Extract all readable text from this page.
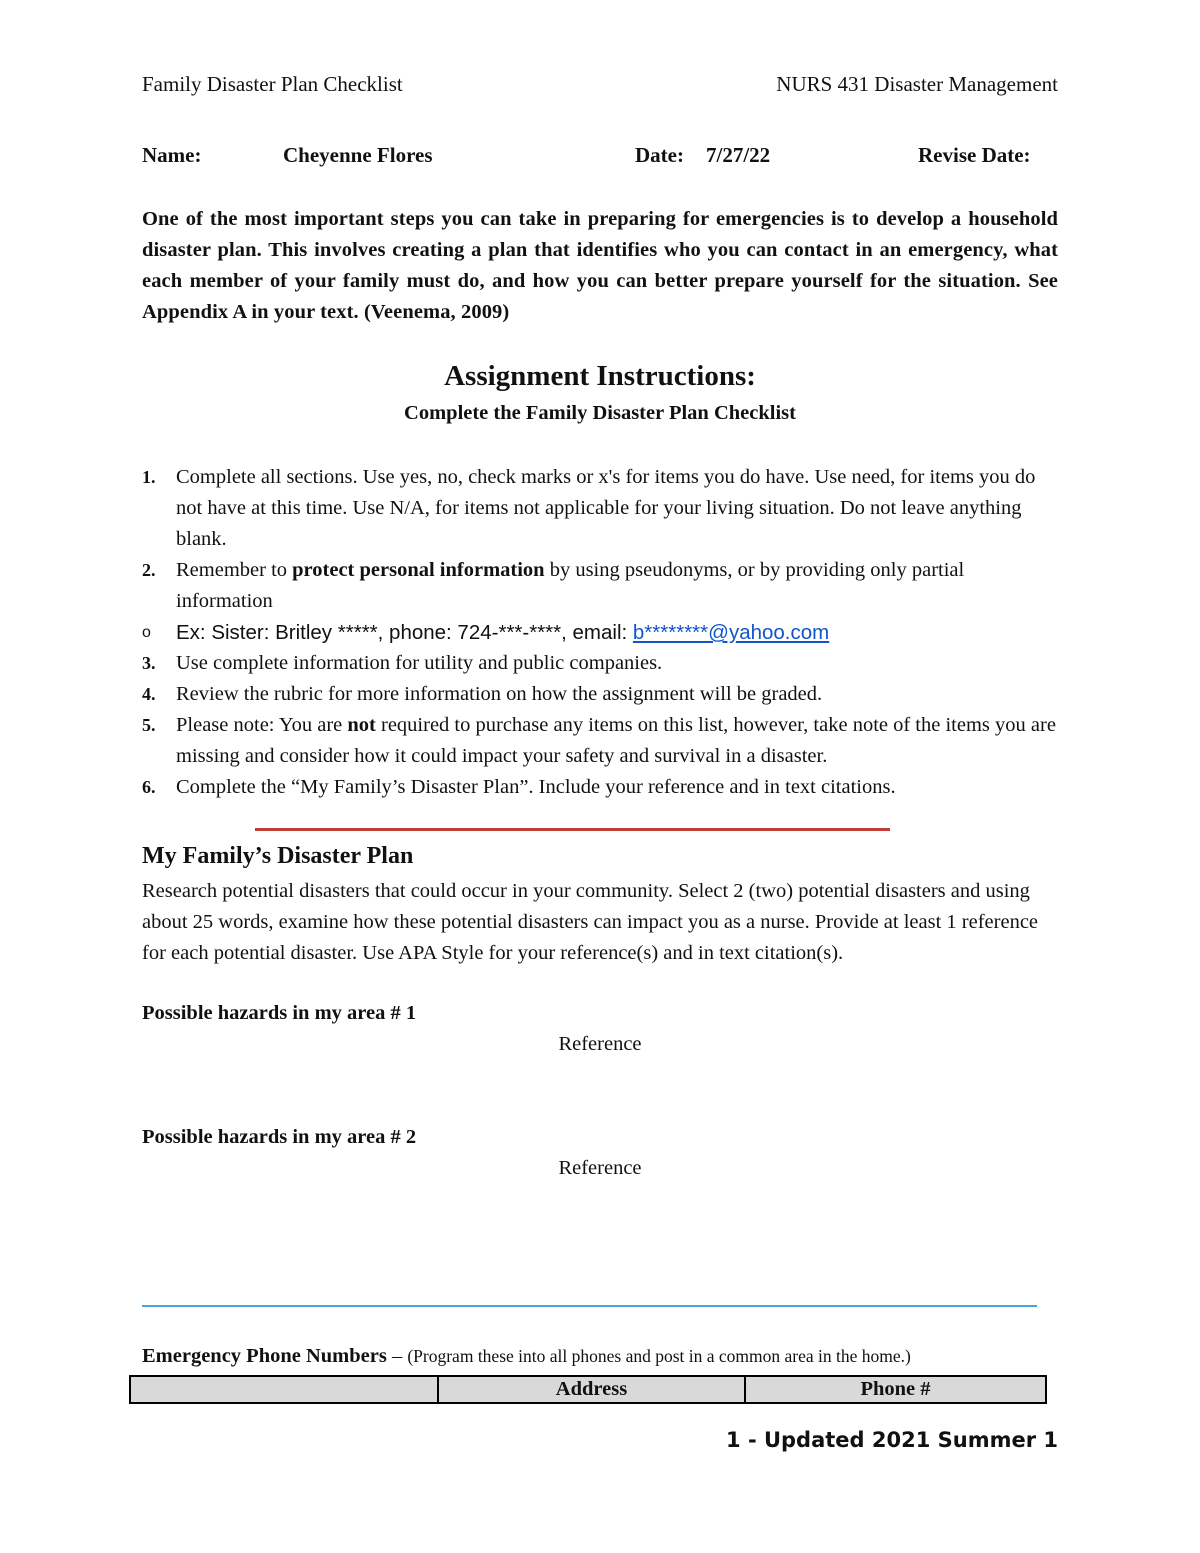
Family Disaster Plan Checklist	NURS 431 Disaster Management
Name:	Cheyenne Flores	Date: 7/27/22	Revise Date:
One of the most important steps you can take in preparing for emergencies is to develop a household disaster plan. This involves creating a plan that identifies who you can contact in an emergency, what each member of your family must do, and how you can better prepare yourself for the situation. See Appendix A in your text. (Veenema, 2009)
Assignment Instructions:
Complete the Family Disaster Plan Checklist
1.	Complete all sections. Use yes, no, check marks or x's for items you do have. Use need, for items you do not have at this time. Use N/A, for items not applicable for your living situation. Do not leave anything blank.
2.	Remember to protect personal information by using pseudonyms, or by providing only partial information
o	Ex: Sister: Britley *****, phone: 724-***-****, email: b********@yahoo.com
3.	Use complete information for utility and public companies.
4.	Review the rubric for more information on how the assignment will be graded.
5.	Please note: You are not required to purchase any items on this list, however, take note of the items you are missing and consider how it could impact your safety and survival in a disaster.
6.	Complete the “My Family’s Disaster Plan”. Include your reference and in text citations.
My Family’s Disaster Plan
Research potential disasters that could occur in your community. Select 2 (two) potential disasters and using about 25 words, examine how these potential disasters can impact you as a nurse. Provide at least 1 reference for each potential disaster. Use APA Style for your reference(s) and in text citation(s).
Possible hazards in my area # 1
Reference
Possible hazards in my area # 2
Reference
Emergency Phone Numbers – (Program these into all phones and post in a common area in the home.)
	Address	Phone #
1 - Updated 2021 Summer 1
